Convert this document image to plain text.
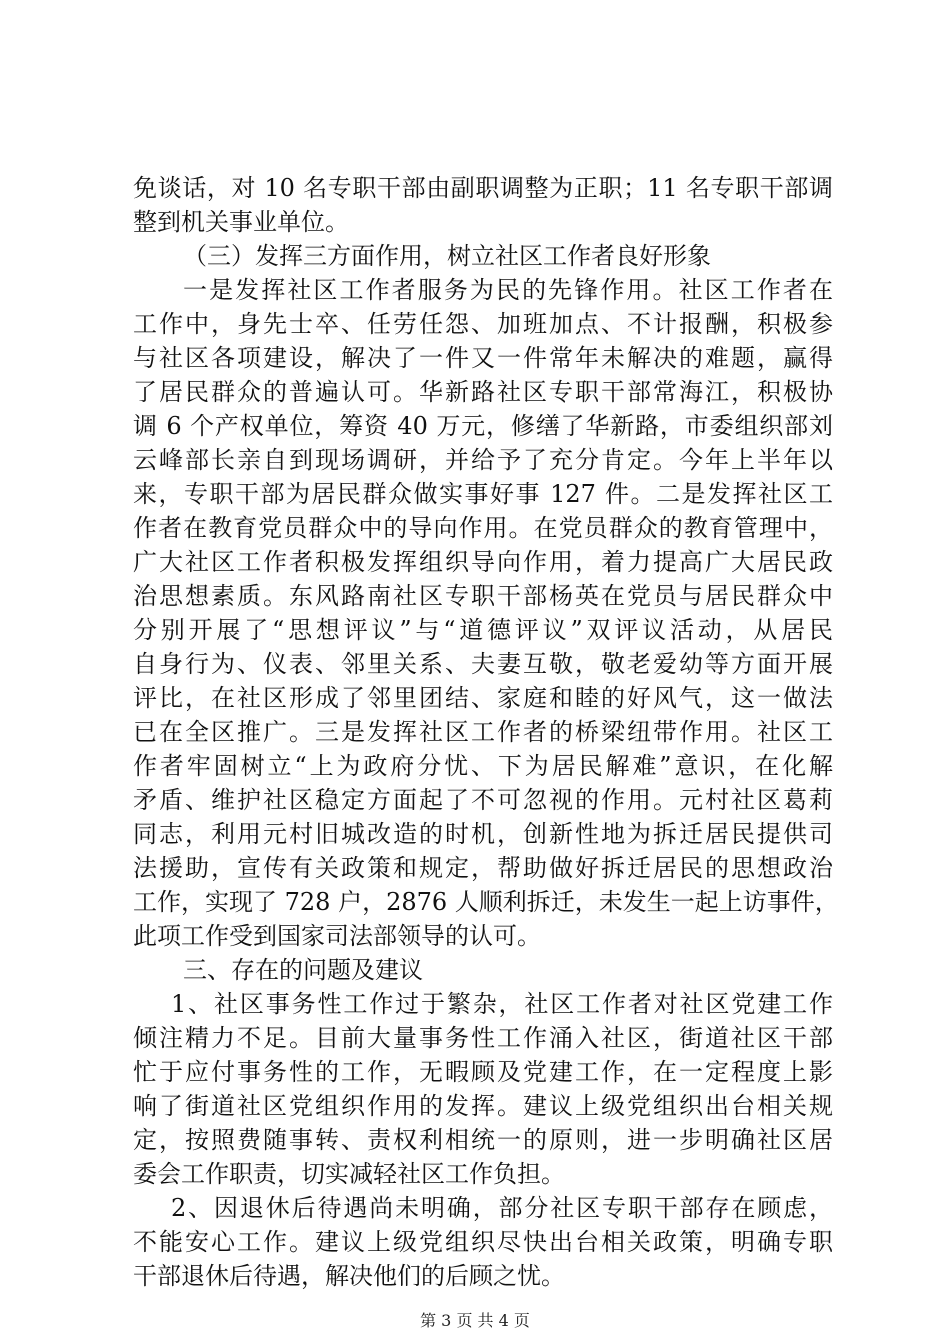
免谈话，对 10 名专职干部由副职调整为正职；11 名专职干部调
整到机关事业单位。
（三）发挥三方面作用，树立社区工作者良好形象
一是发挥社区工作者服务为民的先锋作用。社区工作者在
工作中，身先士卒、任劳任怨、加班加点、不计报酬，积极参
与社区各项建设，解决了一件又一件常年未解决的难题，赢得
了居民群众的普遍认可。华新路社区专职干部常海江，积极协
调 6 个产权单位，筹资 40 万元，修缮了华新路，市委组织部刘
云峰部长亲自到现场调研，并给予了充分肯定。今年上半年以
来，专职干部为居民群众做实事好事 127 件。二是发挥社区工
作者在教育党员群众中的导向作用。在党员群众的教育管理中，
广大社区工作者积极发挥组织导向作用，着力提高广大居民政
治思想素质。东风路南社区专职干部杨英在党员与居民群众中
分别开展了“思想评议”与“道德评议”双评议活动，从居民
自身行为、仪表、邻里关系、夫妻互敬，敬老爱幼等方面开展
评比，在社区形成了邻里团结、家庭和睦的好风气，这一做法
已在全区推广。三是发挥社区工作者的桥梁纽带作用。社区工
作者牢固树立“上为政府分忧、下为居民解难”意识，在化解
矛盾、维护社区稳定方面起了不可忽视的作用。元村社区葛莉
同志，利用元村旧城改造的时机，创新性地为拆迁居民提供司
法援助，宣传有关政策和规定，帮助做好拆迁居民的思想政治
工作，实现了 728 户，2876 人顺利拆迁，未发生一起上访事件，
此项工作受到国家司法部领导的认可。
三、存在的问题及建议
1、社区事务性工作过于繁杂，社区工作者对社区党建工作
倾注精力不足。目前大量事务性工作涌入社区，街道社区干部
忙于应付事务性的工作，无暇顾及党建工作，在一定程度上影
响了街道社区党组织作用的发挥。建议上级党组织出台相关规
定，按照费随事转、责权利相统一的原则，进一步明确社区居
委会工作职责，切实减轻社区工作负担。
2、因退休后待遇尚未明确，部分社区专职干部存在顾虑，
不能安心工作。建议上级党组织尽快出台相关政策，明确专职
干部退休后待遇，解决他们的后顾之忧。
第 3 页 共 4 页
